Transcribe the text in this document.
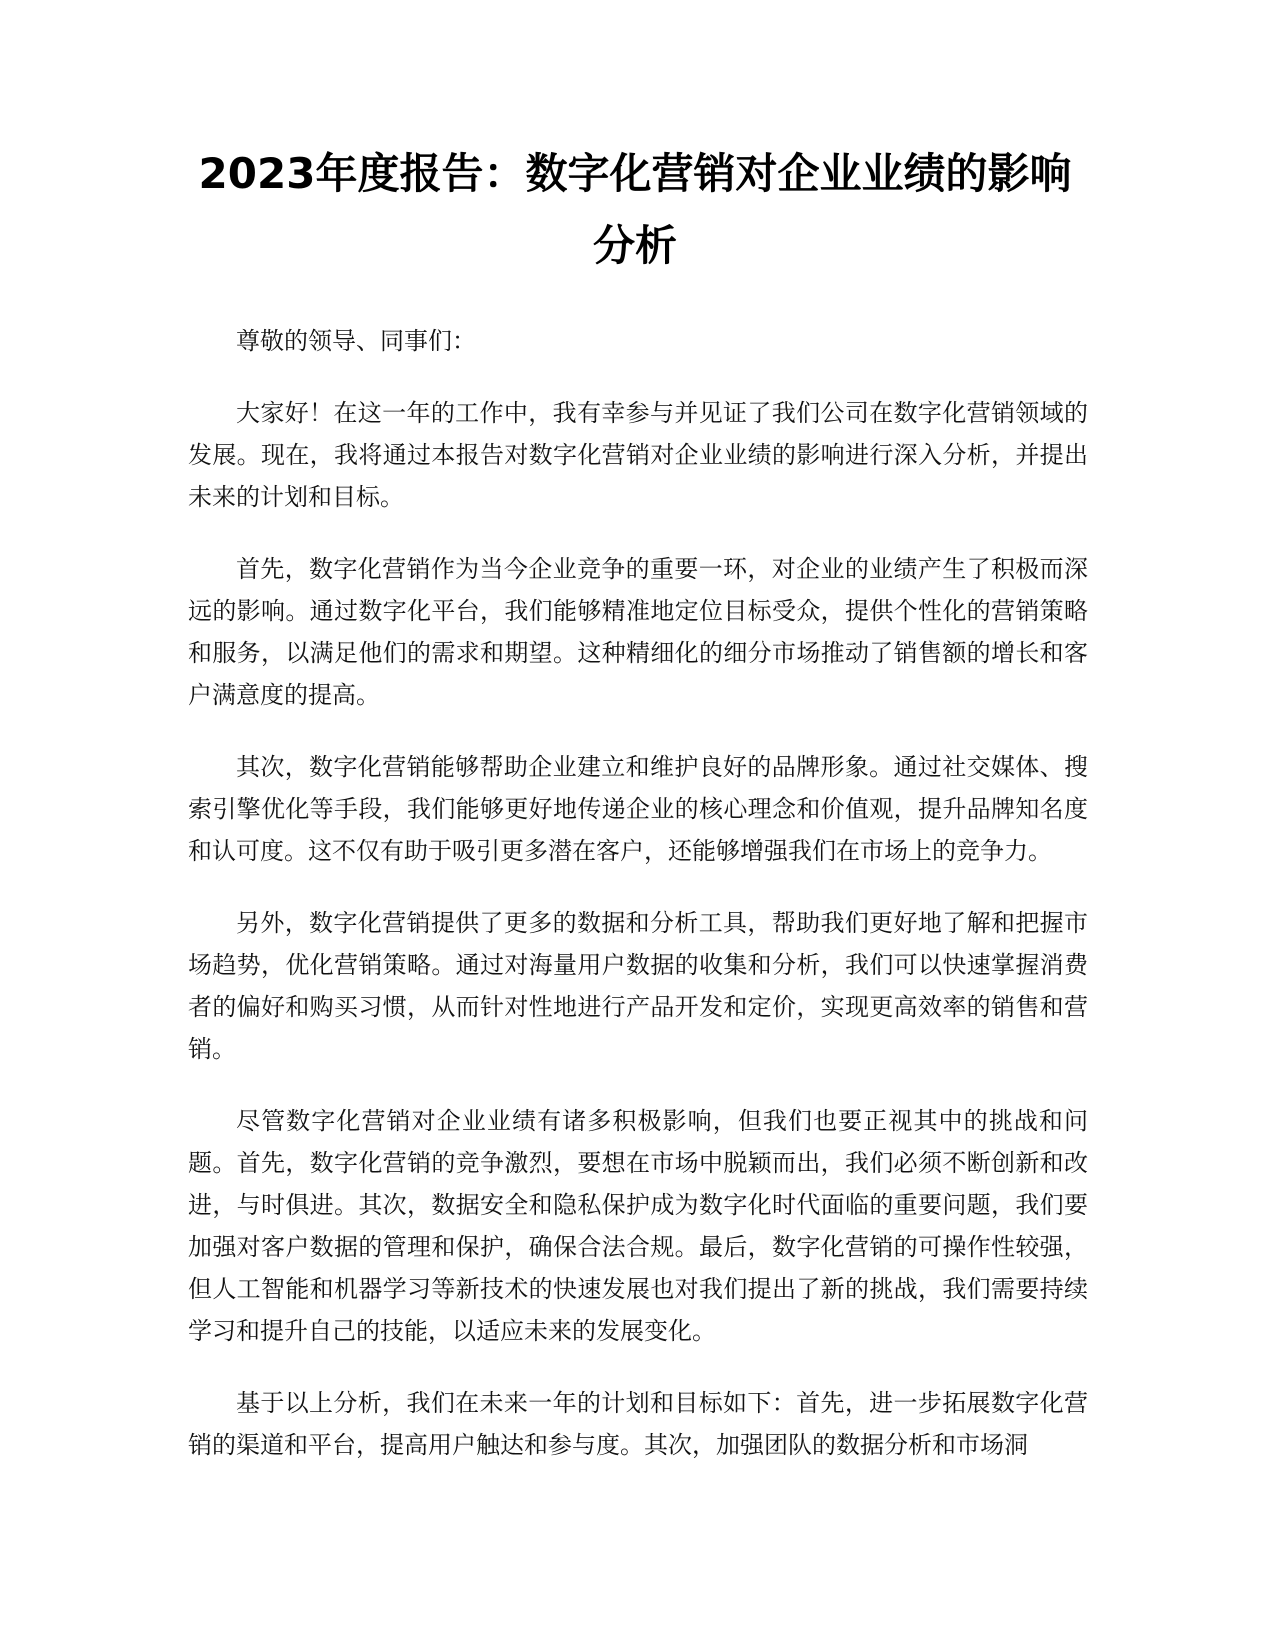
2023年度报告：数字化营销对企业业绩的影响分析

尊敬的领导、同事们：

大家好！在这一年的工作中，我有幸参与并见证了我们公司在数字化营销领域的发展。现在，我将通过本报告对数字化营销对企业业绩的影响进行深入分析，并提出未来的计划和目标。

首先，数字化营销作为当今企业竞争的重要一环，对企业的业绩产生了积极而深远的影响。通过数字化平台，我们能够精准地定位目标受众，提供个性化的营销策略和服务，以满足他们的需求和期望。这种精细化的细分市场推动了销售额的增长和客户满意度的提高。

其次，数字化营销能够帮助企业建立和维护良好的品牌形象。通过社交媒体、搜索引擎优化等手段，我们能够更好地传递企业的核心理念和价值观，提升品牌知名度和认可度。这不仅有助于吸引更多潜在客户，还能够增强我们在市场上的竞争力。

另外，数字化营销提供了更多的数据和分析工具，帮助我们更好地了解和把握市场趋势，优化营销策略。通过对海量用户数据的收集和分析，我们可以快速掌握消费者的偏好和购买习惯，从而针对性地进行产品开发和定价，实现更高效率的销售和营销。

尽管数字化营销对企业业绩有诸多积极影响，但我们也要正视其中的挑战和问题。首先，数字化营销的竞争激烈，要想在市场中脱颖而出，我们必须不断创新和改进，与时俱进。其次，数据安全和隐私保护成为数字化时代面临的重要问题，我们要加强对客户数据的管理和保护，确保合法合规。最后，数字化营销的可操作性较强，但人工智能和机器学习等新技术的快速发展也对我们提出了新的挑战，我们需要持续学习和提升自己的技能，以适应未来的发展变化。

基于以上分析，我们在未来一年的计划和目标如下：首先，进一步拓展数字化营销的渠道和平台，提高用户触达和参与度。其次，加强团队的数据分析和市场洞
